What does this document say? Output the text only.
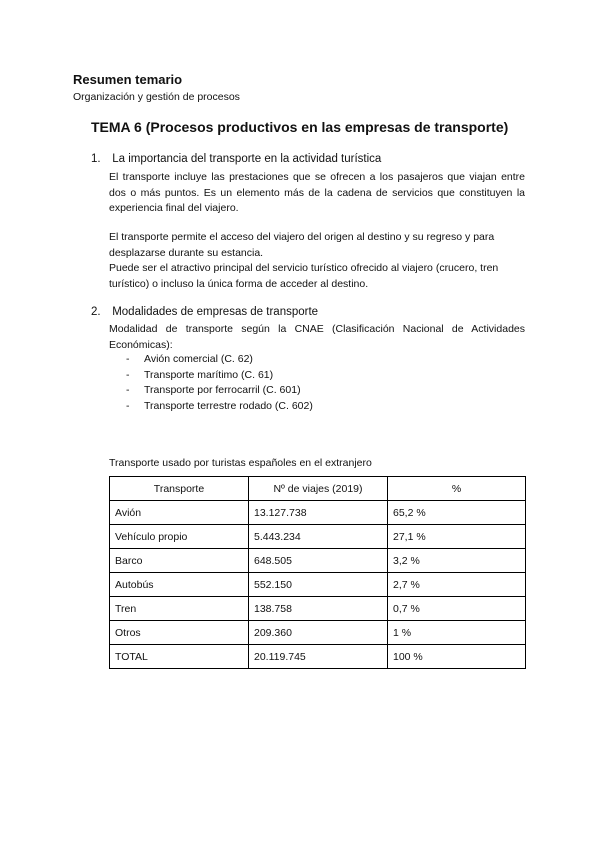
Resumen temario
Organización y gestión de procesos
TEMA 6 (Procesos productivos en las empresas de transporte)
1. La importancia del transporte en la actividad turística

El transporte incluye las prestaciones que se ofrecen a los pasajeros que viajan entre dos o más puntos. Es un elemento más de la cadena de servicios que constituyen la experiencia final del viajero.

El transporte permite el acceso del viajero del origen al destino y su regreso y para desplazarse durante su estancia.

Puede ser el atractivo principal del servicio turístico ofrecido al viajero (crucero, tren turístico) o incluso la única forma de acceder al destino.

2. Modalidades de empresas de transporte

Modalidad de transporte según la CNAE (Clasificación Nacional de Actividades Económicas):

- Avión comercial (C. 62)
- Transporte marítimo (C. 61)
- Transporte por ferrocarril (C. 601)
- Transporte terrestre rodado (C. 602)
Transporte usado por turistas españoles en el extranjero
Transporte	Nº de viajes (2019)	%
Avión	13.127.738	65,2 %
Vehículo propio	5.443.234	27,1 %
Barco	648.505	3,2 %
Autobús	552.150	2,7 %
Tren	138.758	0,7 %
Otros	209.360	1 %
TOTAL	20.119.745	100 %
